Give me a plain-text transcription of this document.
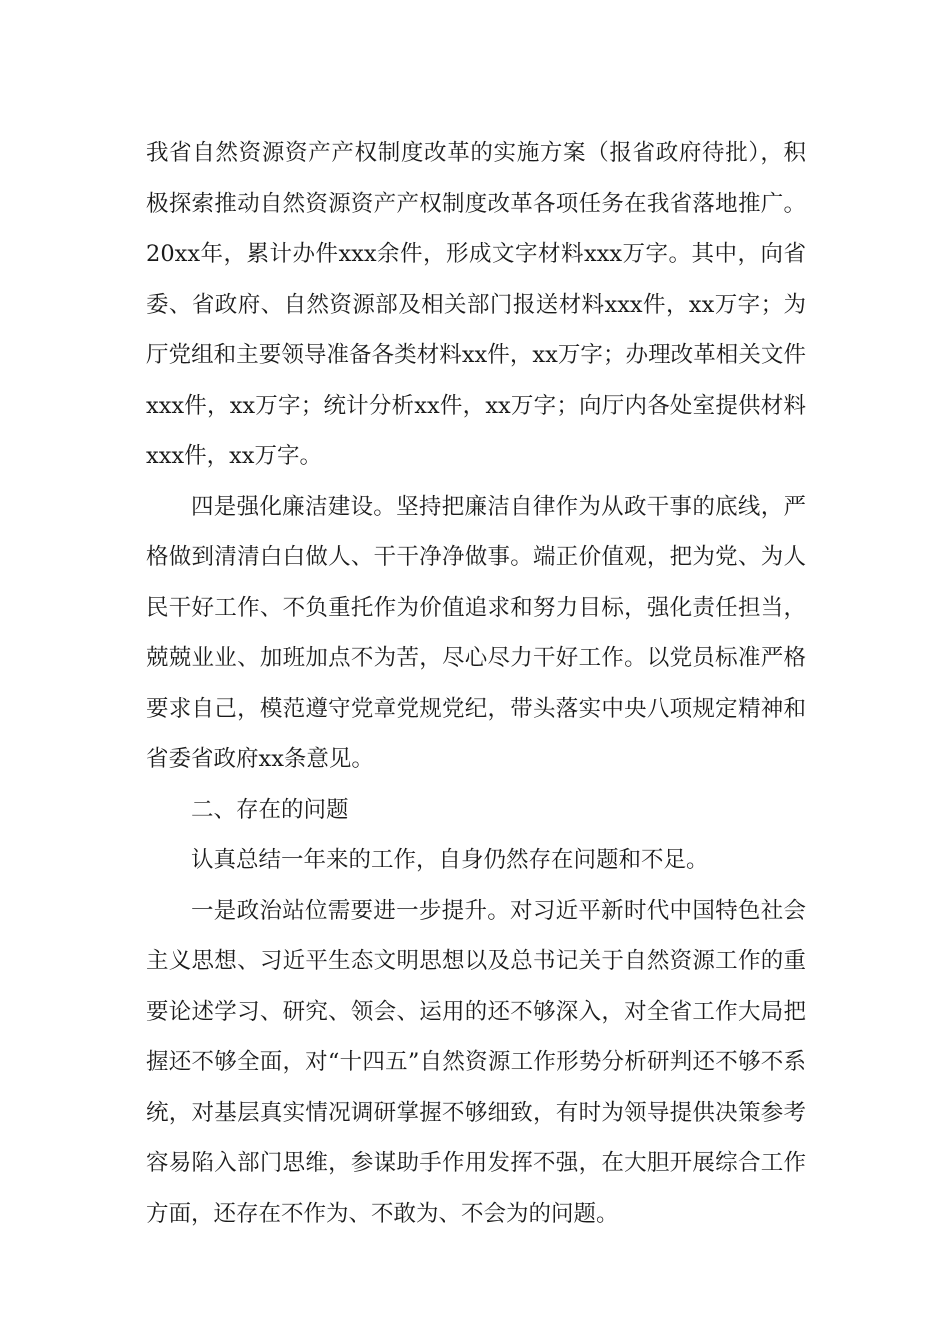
我省自然资源资产产权制度改革的实施方案（报省政府待批），积极探索推动自然资源资产产权制度改革各项任务在我省落地推广。20xx年，累计办件xxx余件，形成文字材料xxx万字。其中，向省委、省政府、自然资源部及相关部门报送材料xxx件，xx万字；为厅党组和主要领导准备各类材料xx件，xx万字；办理改革相关文件xxx件，xx万字；统计分析xx件，xx万字；向厅内各处室提供材料xxx件，xx万字。

四是强化廉洁建设。坚持把廉洁自律作为从政干事的底线，严格做到清清白白做人、干干净净做事。端正价值观，把为党、为人民干好工作、不负重托作为价值追求和努力目标，强化责任担当，兢兢业业、加班加点不为苦，尽心尽力干好工作。以党员标准严格要求自己，模范遵守党章党规党纪，带头落实中央八项规定精神和省委省政府xx条意见。

二、存在的问题

认真总结一年来的工作，自身仍然存在问题和不足。

一是政治站位需要进一步提升。对习近平新时代中国特色社会主义思想、习近平生态文明思想以及总书记关于自然资源工作的重要论述学习、研究、领会、运用的还不够深入，对全省工作大局把握还不够全面，对“十四五”自然资源工作形势分析研判还不够不系统，对基层真实情况调研掌握不够细致，有时为领导提供决策参考容易陷入部门思维，参谋助手作用发挥不强，在大胆开展综合工作方面，还存在不作为、不敢为、不会为的问题。
